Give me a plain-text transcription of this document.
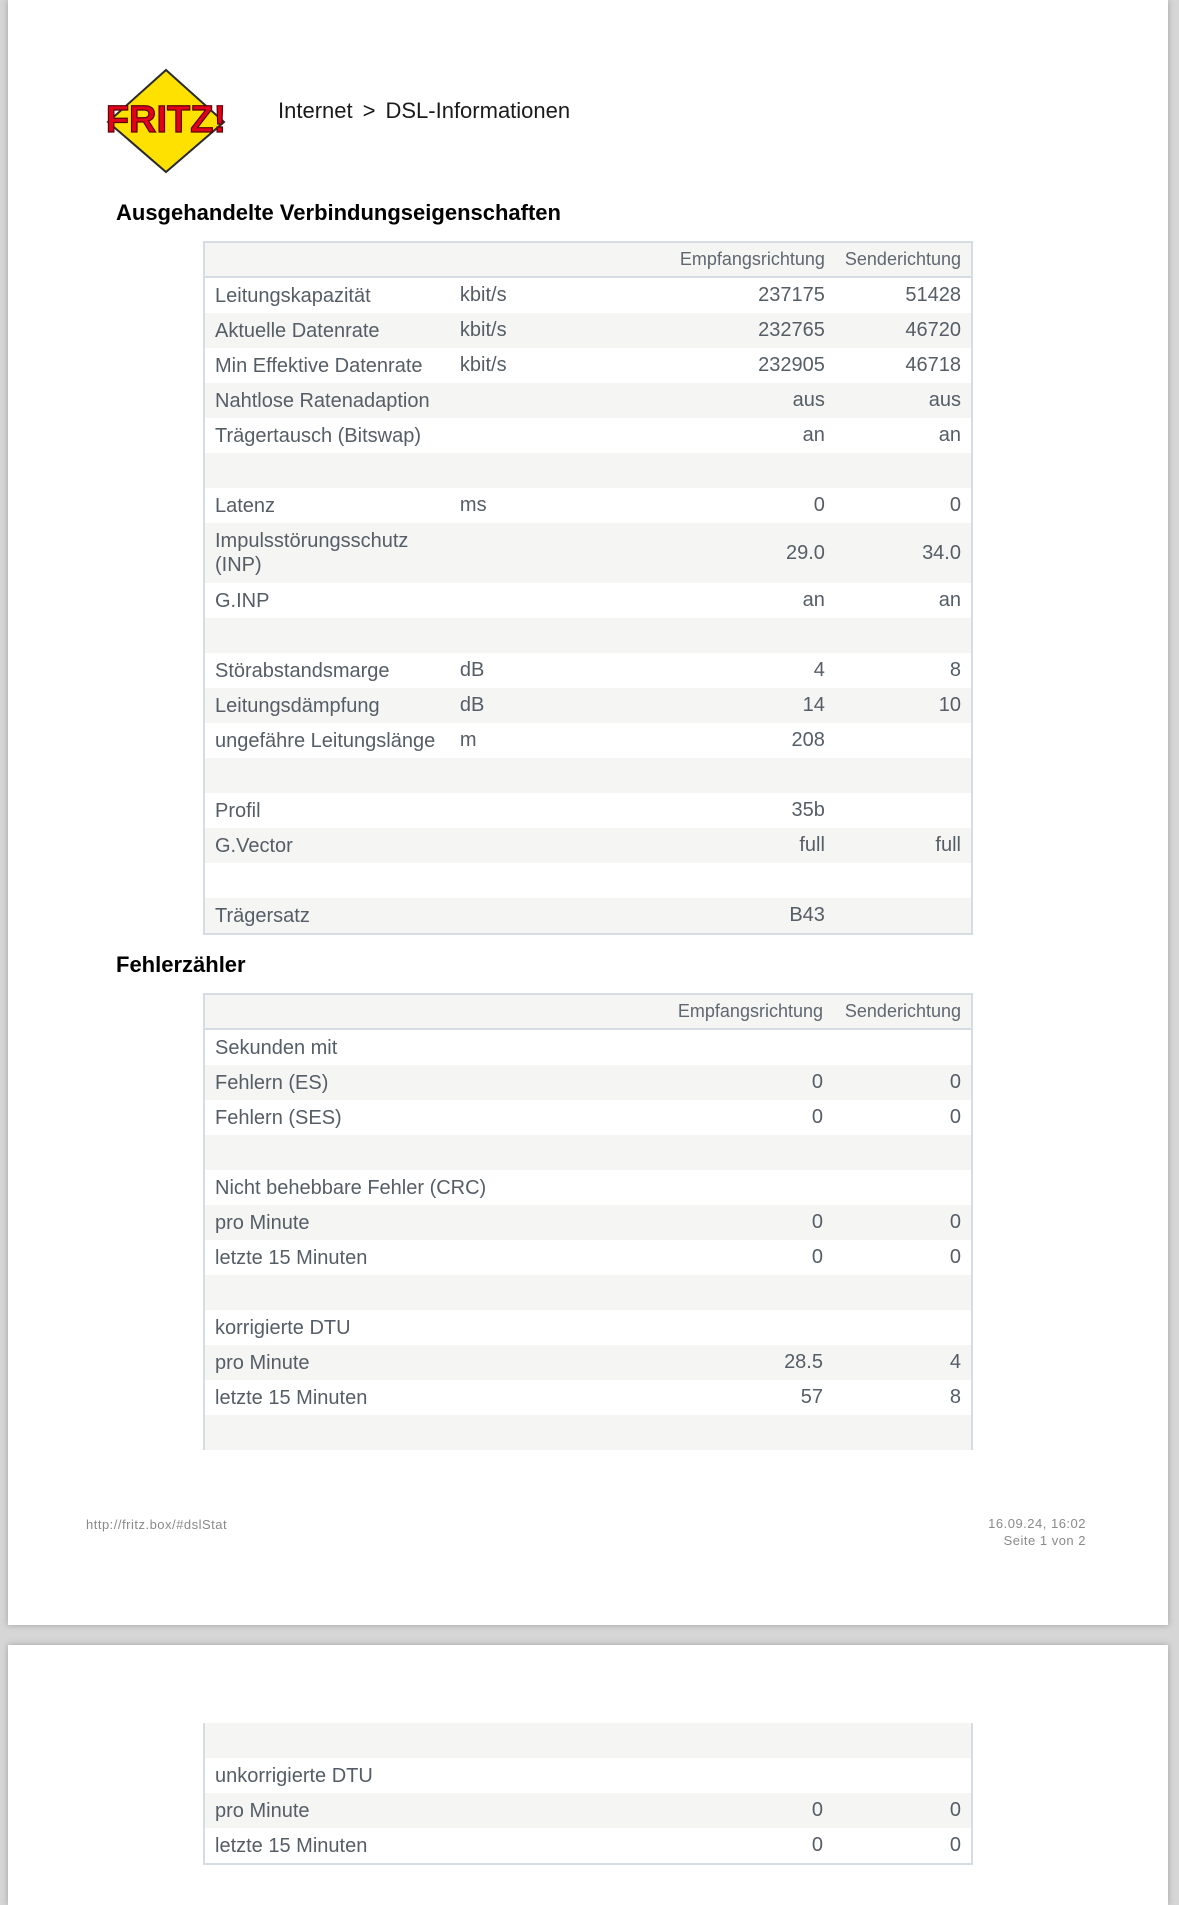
FRITZ! Internet > DSL-Informationen
Ausgehandelte Verbindungseigenschaften
		Empfangsrichtung	Senderichtung
Leitungskapazität	kbit/s	237175	51428
Aktuelle Datenrate	kbit/s	232765	46720
Min Effektive Datenrate	kbit/s	232905	46718
Nahtlose Ratenadaption		aus	aus
Trägertausch (Bitswap)		an	an

Latenz	ms	0	0
Impulsstörungsschutz (INP)		29.0	34.0
G.INP		an	an

Störabstandsmarge	dB	4	8
Leitungsdämpfung	dB	14	10
ungefähre Leitungslänge	m	208	

Profil		35b	
G.Vector		full	full

Trägersatz		B43	
Fehlerzähler
	Empfangsrichtung	Senderichtung
Sekunden mit		
Fehlern (ES)	0	0
Fehlern (SES)	0	0

Nicht behebbare Fehler (CRC)		
pro Minute	0	0
letzte 15 Minuten	0	0

korrigierte DTU		
pro Minute	28.5	4
letzte 15 Minuten	57	8

http://fritz.box/#dslStat	16.09.24, 16:02
Seite 1 von 2

unkorrigierte DTU		
pro Minute	0	0
letzte 15 Minuten	0	0
